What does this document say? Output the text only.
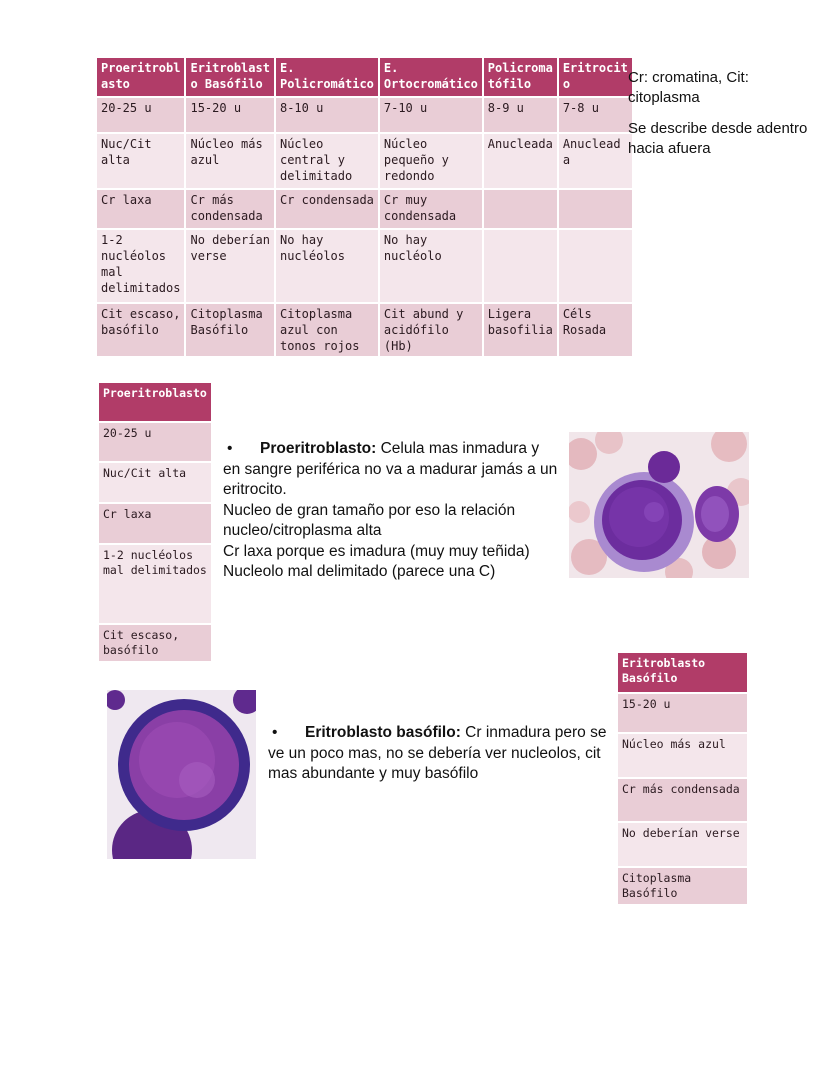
Proeritrobl asto	Eritroblast o Basófilo	E. Policromático	E. Ortocromático	Policroma tófilo	Eritrocit o
20-25 u	15-20 u	8-10 u	7-10 u	8-9 u	7-8 u
Nuc/Cit alta	Núcleo más azul	Núcleo central y delimitado	Núcleo pequeño y redondo	Anucleada	Anuclead a
Cr laxa	Cr más condensada	Cr condensada	Cr muy condensada		
1-2 nucléolos mal delimitados	No deberían verse	No hay nucléolos	No hay nucléolo		
Cit escaso, basófilo	Citoplasma Basófilo	Citoplasma azul con tonos rojos	Cit abund y acidófilo (Hb)	Ligera basofilia	Céls Rosada

Cr: cromatina, Cit: citoplasma

Se describe desde adentro hacia afuera

Proeritroblasto
20-25 u
Nuc/Cit alta
Cr laxa
1-2 nucléolos mal delimitados
Cit escaso, basófilo
• Proeritroblasto: Celula mas inmadura y en sangre periférica no va a madurar jamás a un eritrocito.
Nucleo de gran tamaño por eso la relación nucleo/citroplasma alta
Cr laxa porque es imadura (muy muy teñida)
Nucleolo mal delimitado (parece una C)
• Eritroblasto basófilo: Cr inmadura pero se ve un poco mas, no se debería ver nucleolos, cit mas abundante y muy basófilo
Eritroblasto Basófilo
15-20 u
Núcleo más azul
Cr más condensada
No deberían verse
Citoplasma Basófilo
